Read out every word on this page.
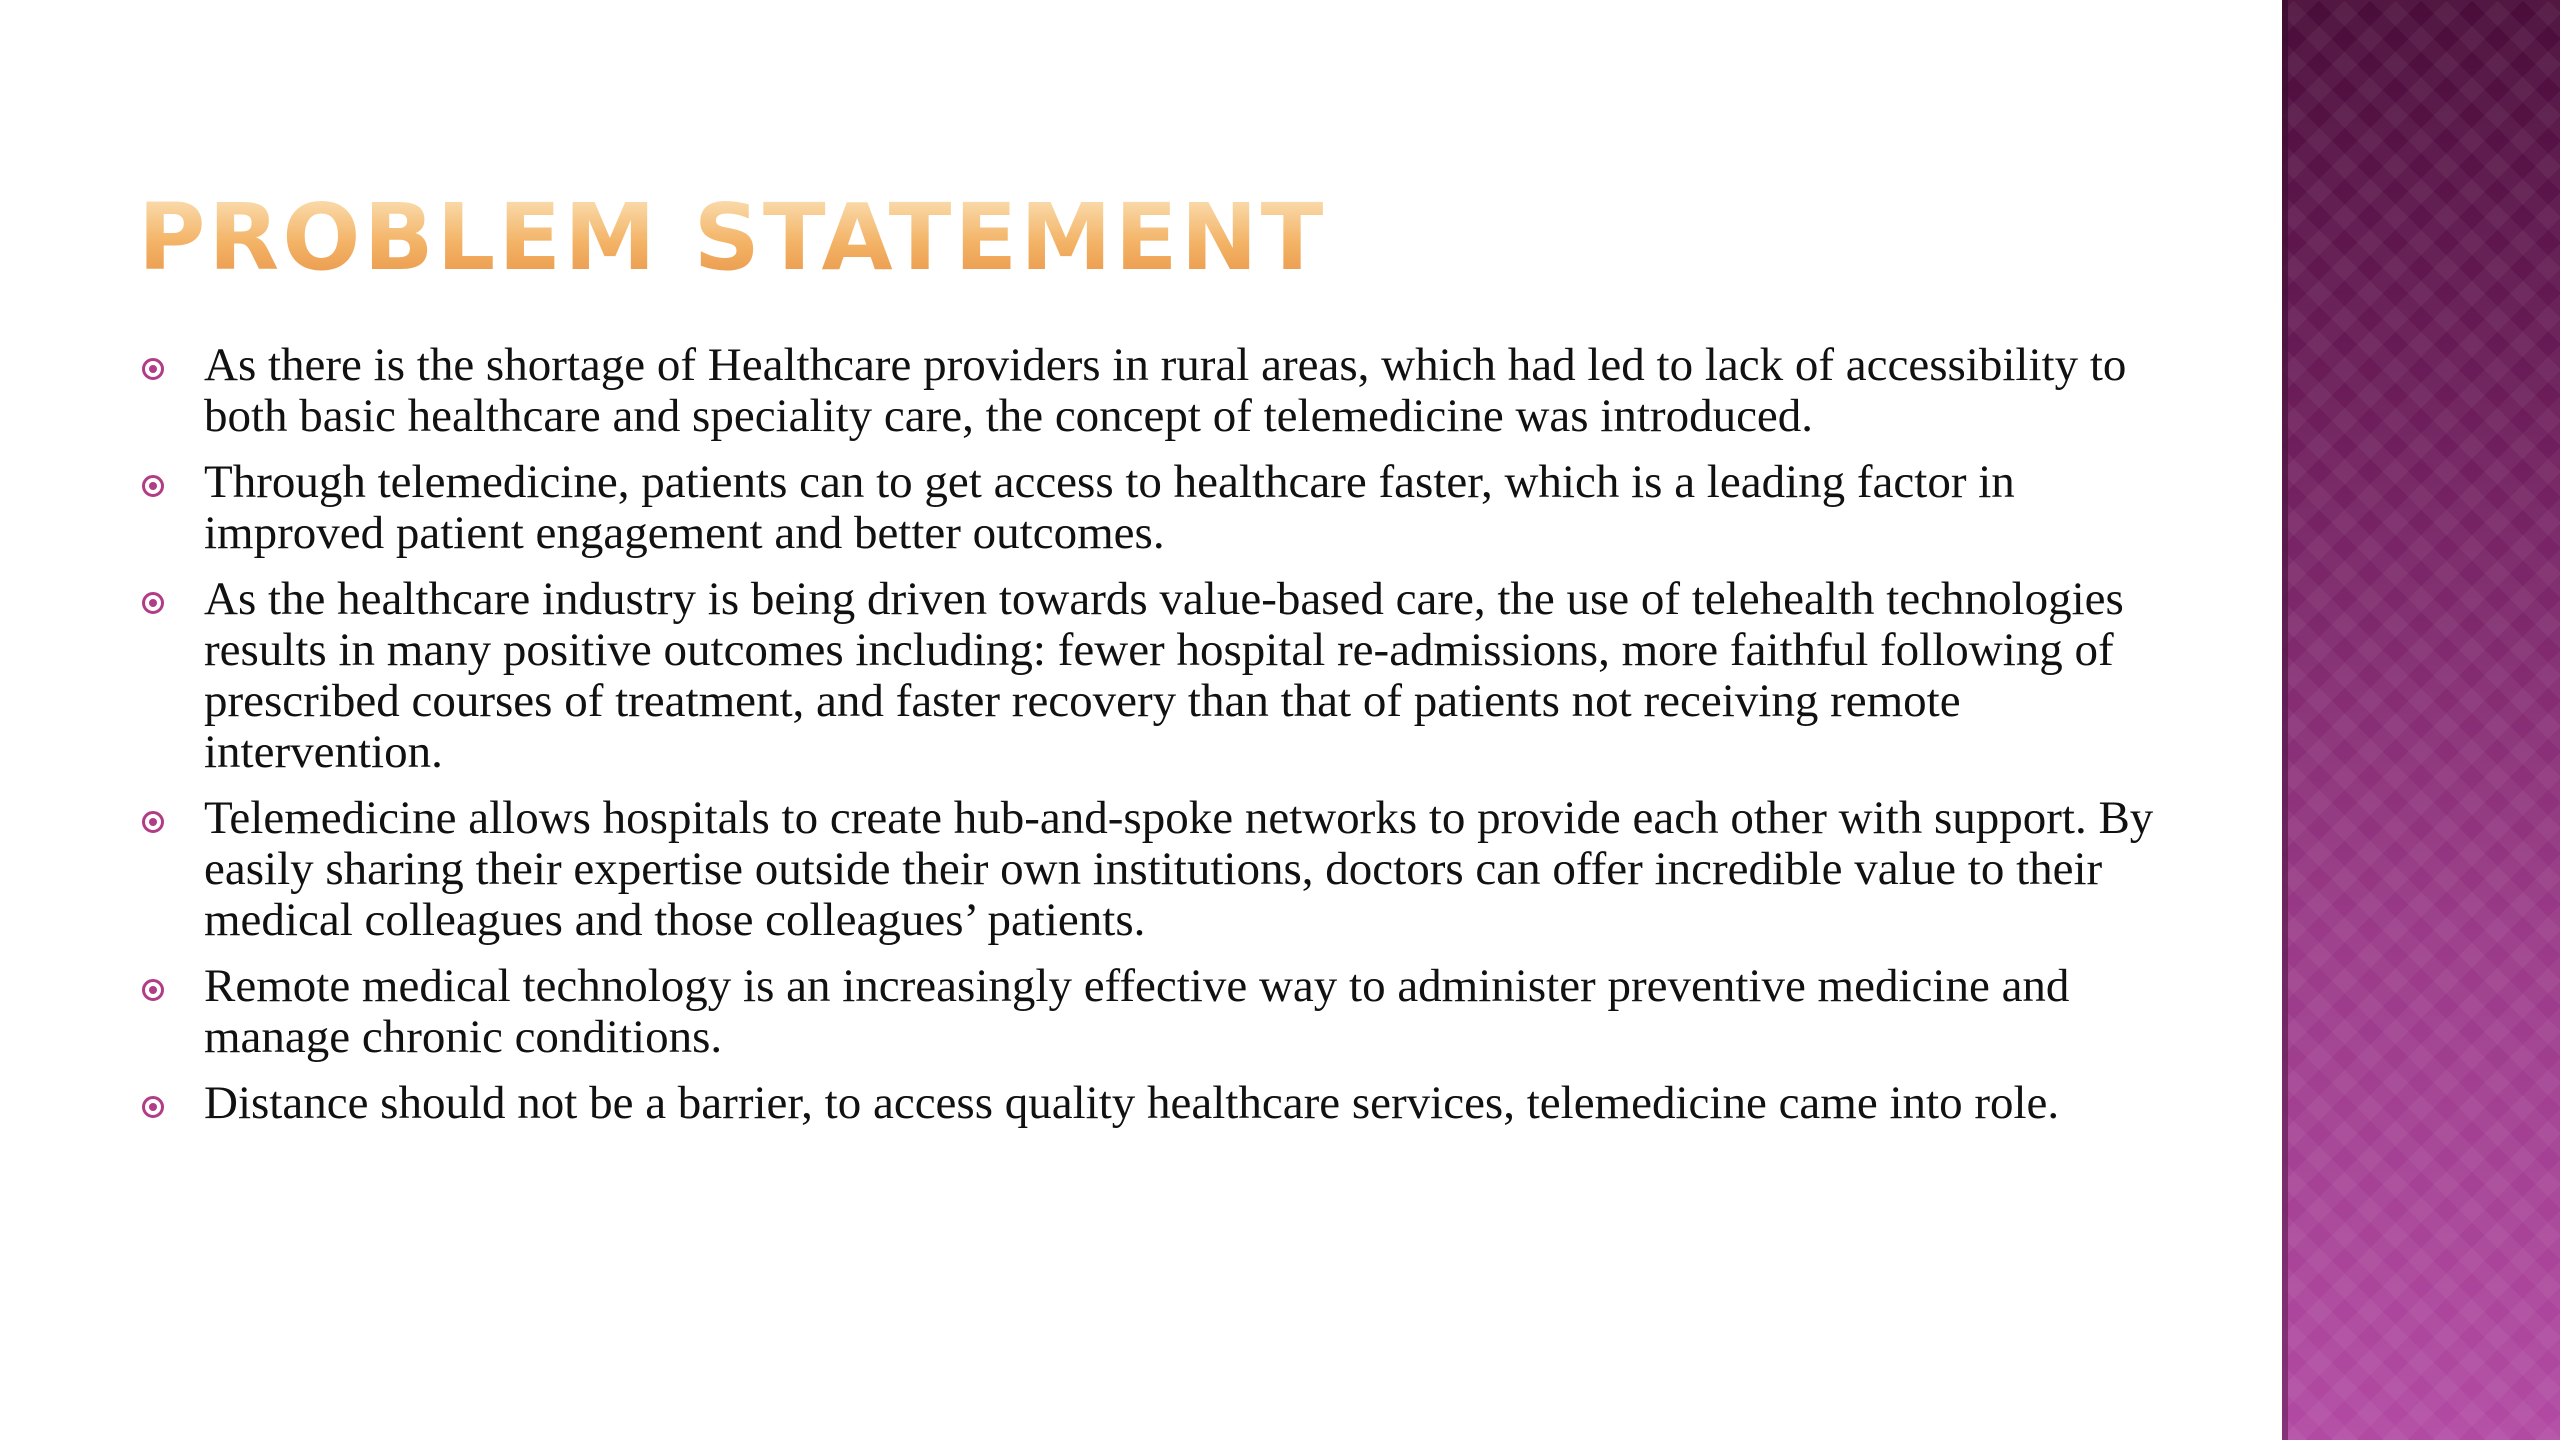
PROBLEM STATEMENT
As there is the shortage of Healthcare providers in rural areas, which had led to lack of accessibility to both basic healthcare and speciality care, the concept of telemedicine was introduced.
Through telemedicine, patients can to get access to healthcare faster, which is a leading factor in improved patient engagement and better outcomes.
As the healthcare industry is being driven towards value-based care, the use of telehealth technologies results in many positive outcomes including: fewer hospital re-admissions, more faithful following of prescribed courses of treatment, and faster recovery than that of patients not receiving remote intervention.
Telemedicine allows hospitals to create hub-and-spoke networks to provide each other with support. By easily sharing their expertise outside their own institutions, doctors can offer incredible value to their medical colleagues and those colleagues’ patients.
Remote medical technology is an increasingly effective way to administer preventive medicine and manage chronic conditions.
Distance should not be a barrier, to access quality healthcare services, telemedicine came into role.
